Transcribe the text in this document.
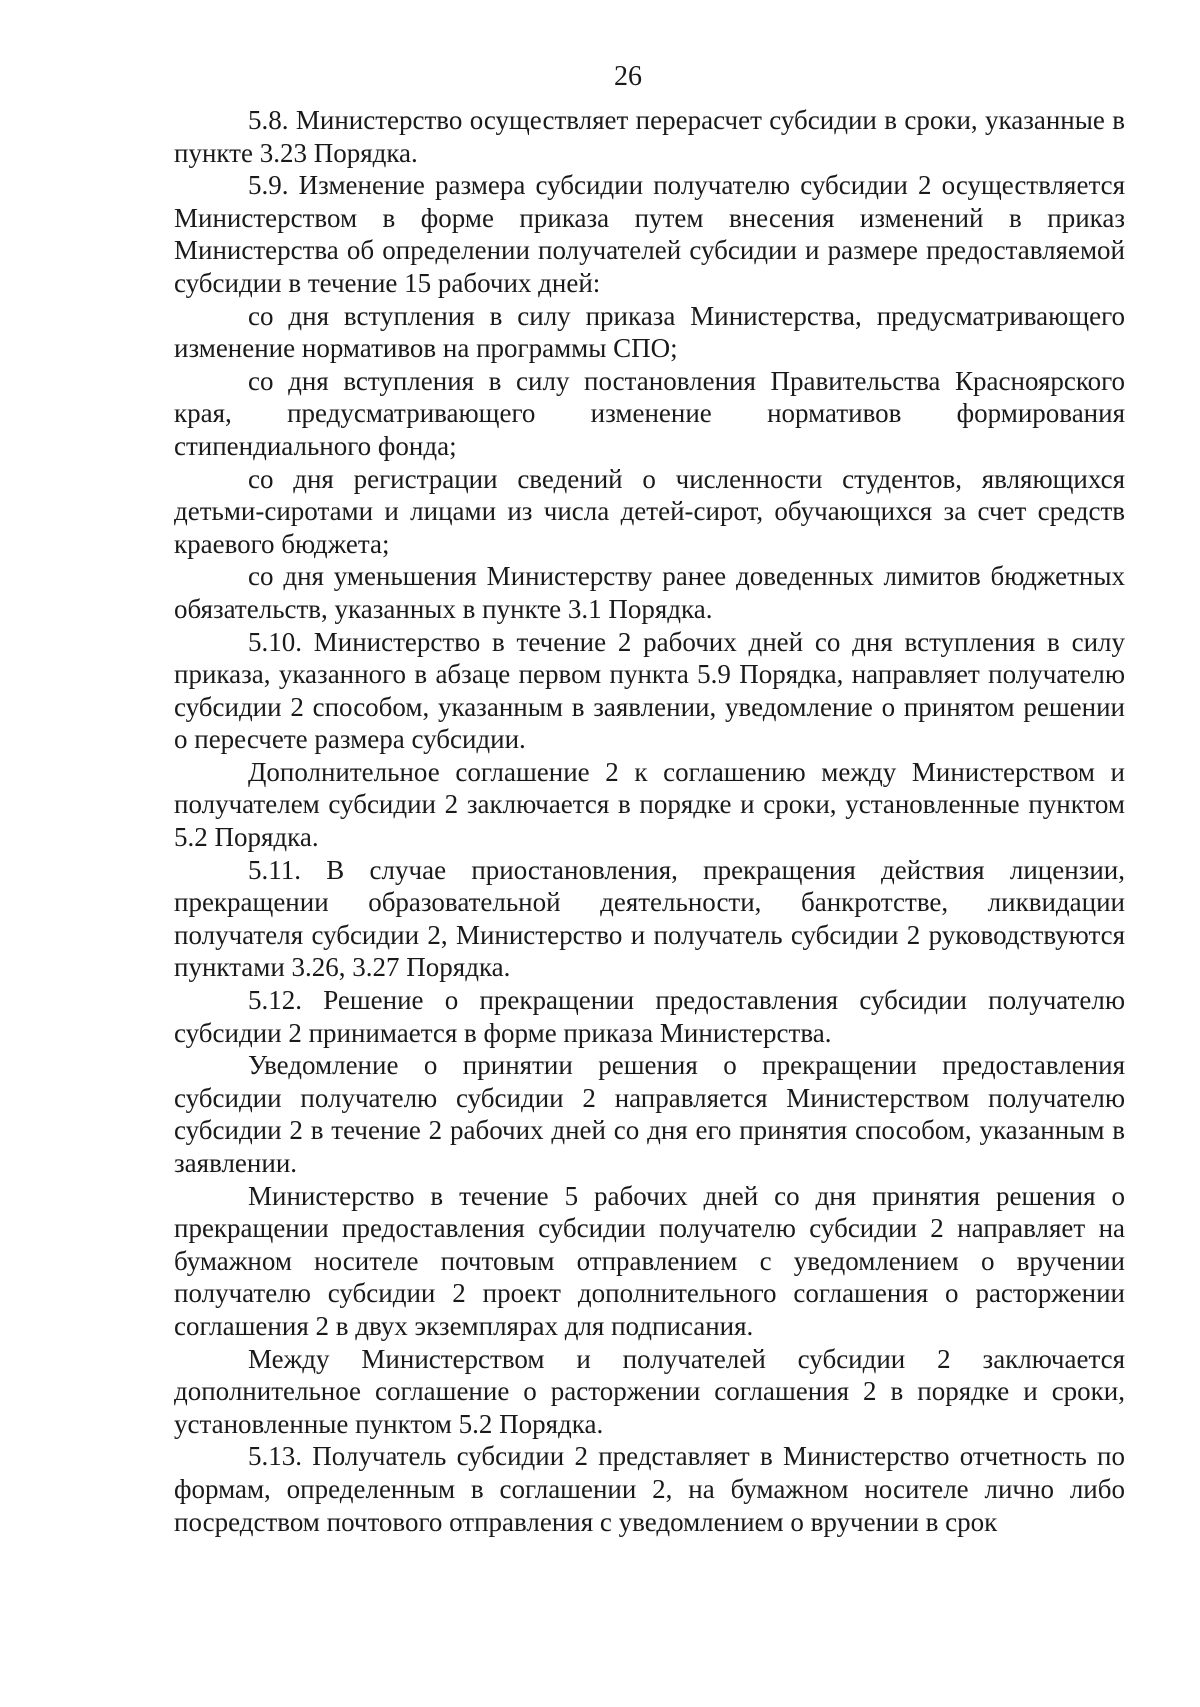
26

5.8. Министерство осуществляет перерасчет субсидии в сроки, указанные в пункте 3.23 Порядка.

5.9. Изменение размера субсидии получателю субсидии 2 осуществляется Министерством в форме приказа путем внесения изменений в приказ Министерства об определении получателей субсидии и размере предоставляемой субсидии в течение 15 рабочих дней:

со дня вступления в силу приказа Министерства, предусматривающего изменение нормативов на программы СПО;

со дня вступления в силу постановления Правительства Красноярского края, предусматривающего изменение нормативов формирования стипендиального фонда;

со дня регистрации сведений о численности студентов, являющихся детьми-сиротами и лицами из числа детей-сирот, обучающихся за счет средств краевого бюджета;

со дня уменьшения Министерству ранее доведенных лимитов бюджетных обязательств, указанных в пункте 3.1 Порядка.

5.10. Министерство в течение 2 рабочих дней со дня вступления в силу приказа, указанного в абзаце первом пункта 5.9 Порядка, направляет получателю субсидии 2 способом, указанным в заявлении, уведомление о принятом решении о пересчете размера субсидии.

Дополнительное соглашение 2 к соглашению между Министерством и получателем субсидии 2 заключается в порядке и сроки, установленные пунктом 5.2 Порядка.

5.11. В случае приостановления, прекращения действия лицензии, прекращении образовательной деятельности, банкротстве, ликвидации получателя субсидии 2, Министерство и получатель субсидии 2 руководствуются пунктами 3.26, 3.27 Порядка.

5.12. Решение о прекращении предоставления субсидии получателю субсидии 2 принимается в форме приказа Министерства.

Уведомление о принятии решения о прекращении предоставления субсидии получателю субсидии 2 направляется Министерством получателю субсидии 2 в течение 2 рабочих дней со дня его принятия способом, указанным в заявлении.

Министерство в течение 5 рабочих дней со дня принятия решения о прекращении предоставления субсидии получателю субсидии 2 направляет на бумажном носителе почтовым отправлением с уведомлением о вручении получателю субсидии 2 проект дополнительного соглашения о расторжении соглашения 2 в двух экземплярах для подписания.

Между Министерством и получателей субсидии 2 заключается дополнительное соглашение о расторжении соглашения 2 в порядке и сроки, установленные пунктом 5.2 Порядка.

5.13. Получатель субсидии 2 представляет в Министерство отчетность по формам, определенным в соглашении 2, на бумажном носителе лично либо посредством почтового отправления с уведомлением о вручении в срок
